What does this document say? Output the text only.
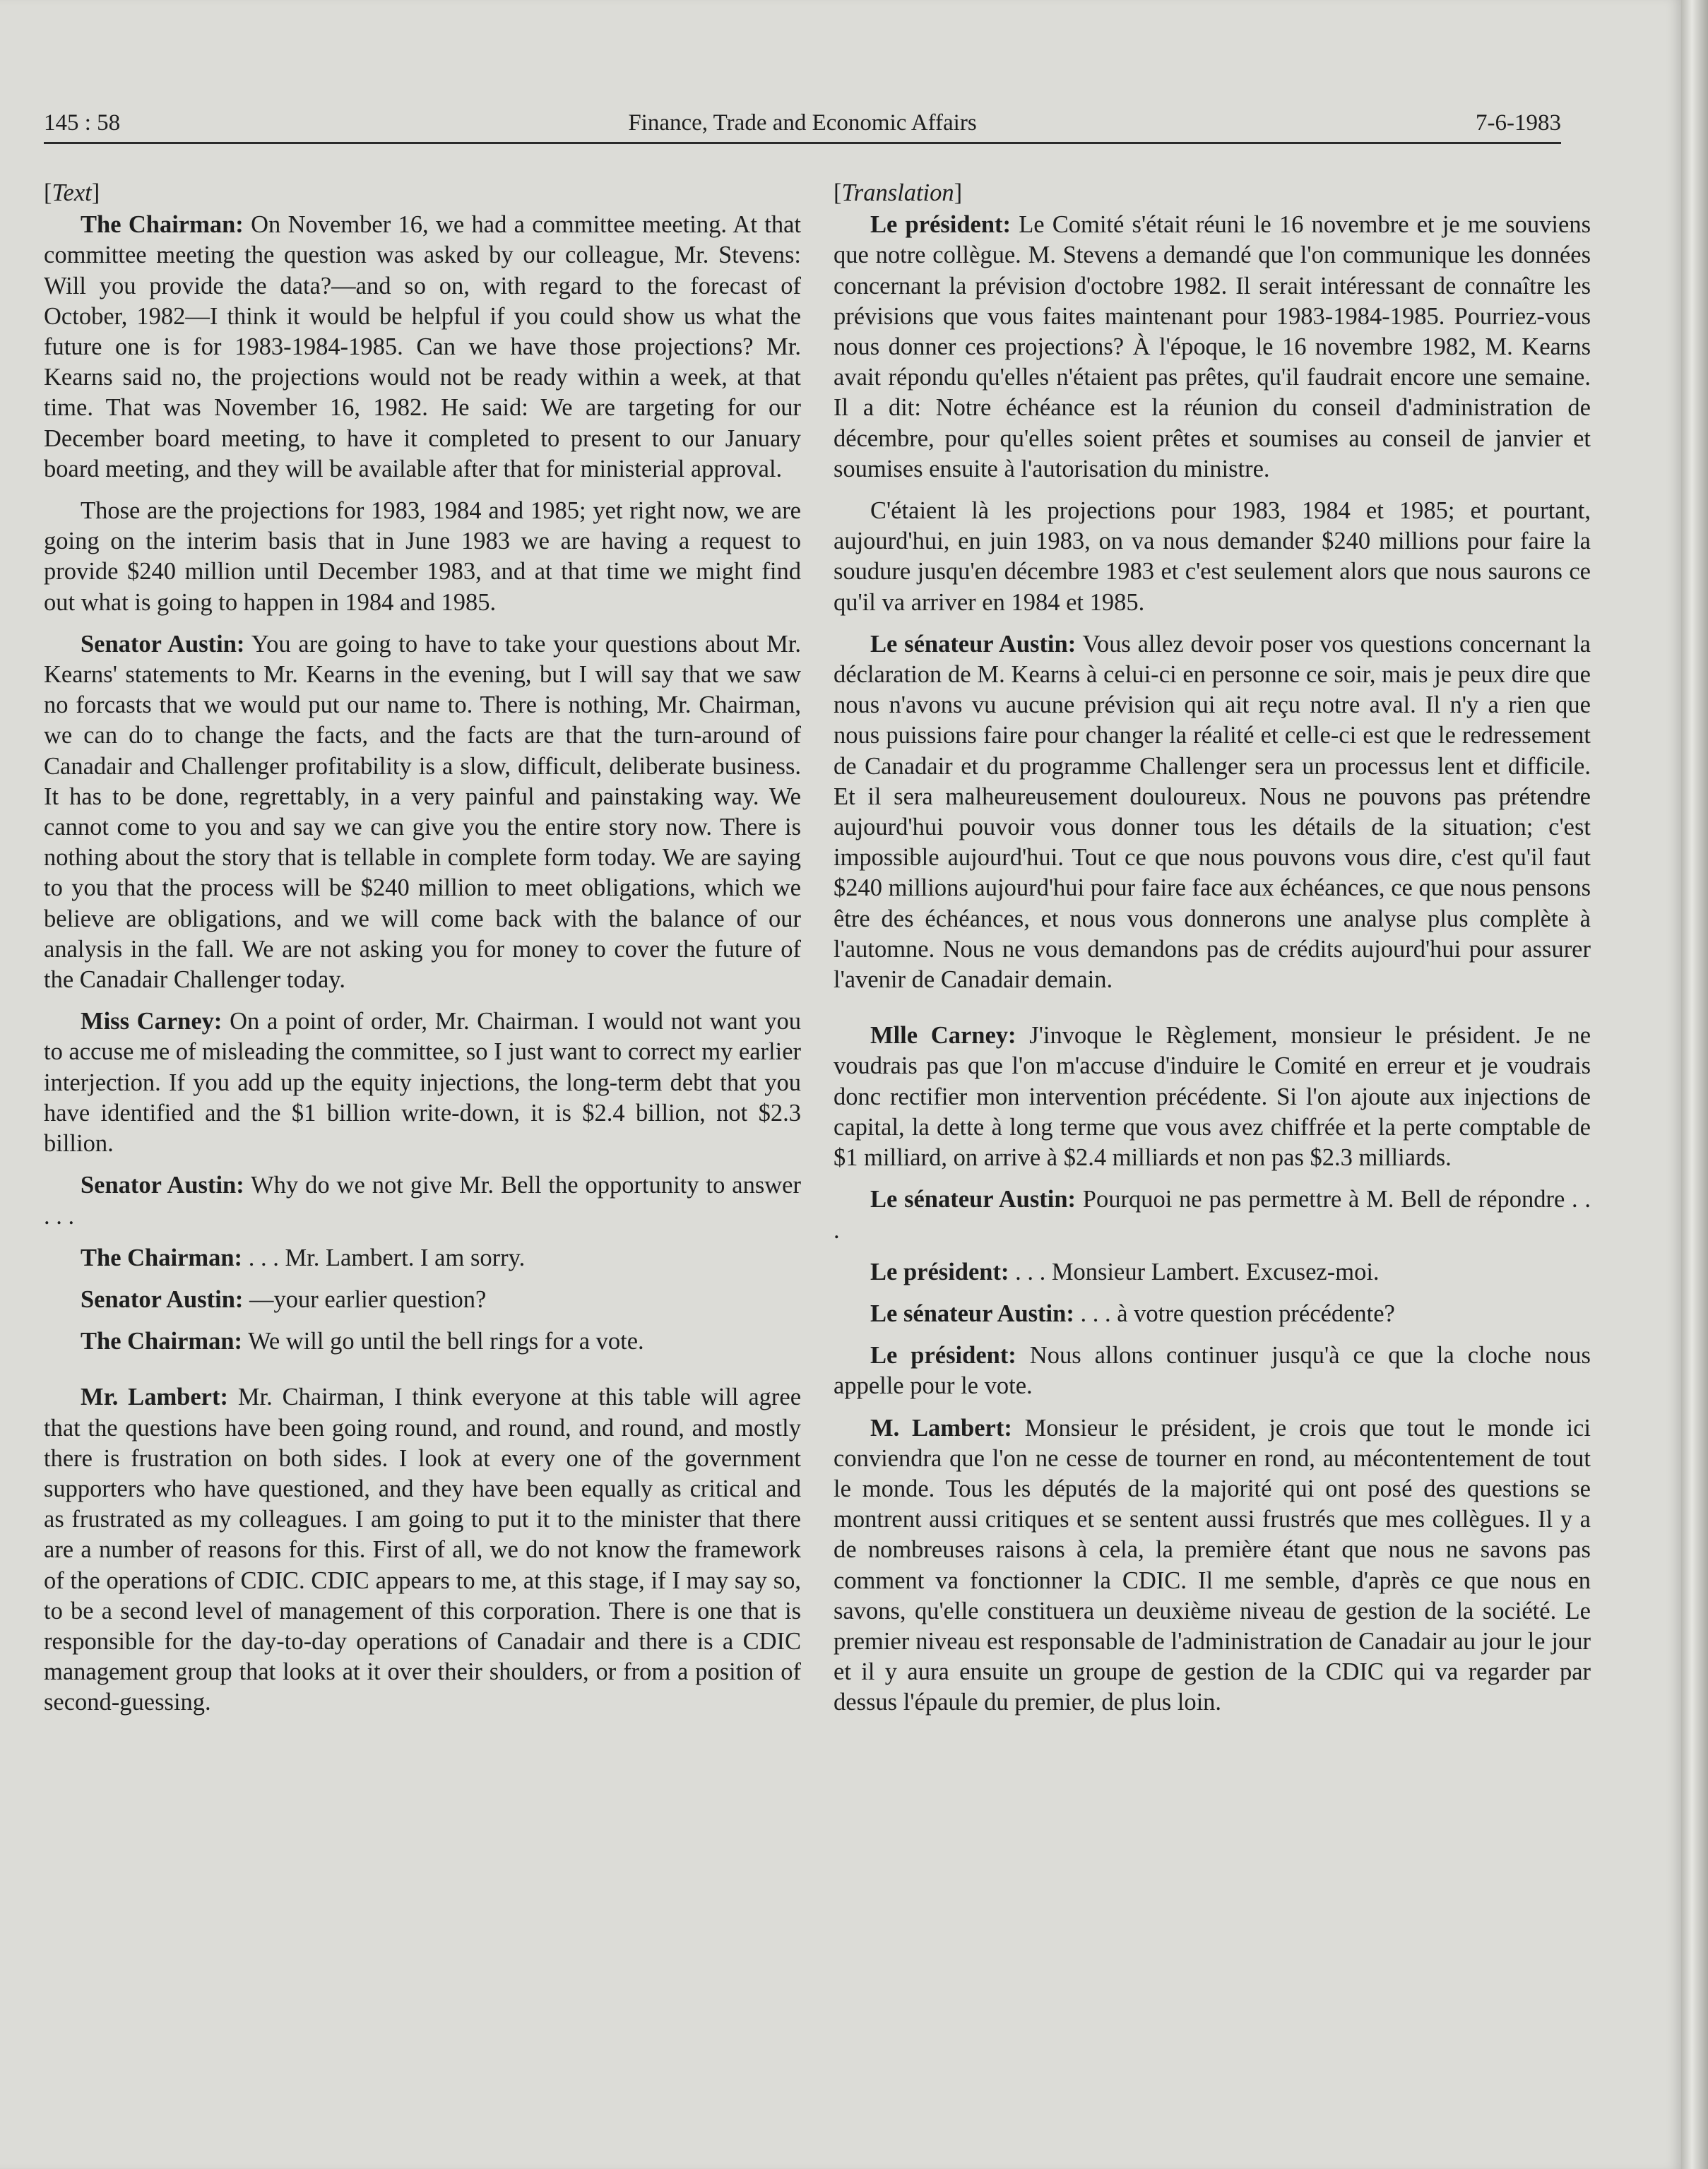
145 : 58	Finance, Trade and Economic Affairs	7-6-1983
[Text]

The Chairman: On November 16, we had a committee meeting. At that committee meeting the question was asked by our colleague, Mr. Stevens: Will you provide the data?—and so on, with regard to the forecast of October, 1982—I think it would be helpful if you could show us what the future one is for 1983-1984-1985. Can we have those projections? Mr. Kearns said no, the projections would not be ready within a week, at that time. That was November 16, 1982. He said: We are targeting for our December board meeting, to have it completed to present to our January board meeting, and they will be available after that for ministerial approval.

Those are the projections for 1983, 1984 and 1985; yet right now, we are going on the interim basis that in June 1983 we are having a request to provide $240 million until December 1983, and at that time we might find out what is going to happen in 1984 and 1985.

Senator Austin: You are going to have to take your questions about Mr. Kearns' statements to Mr. Kearns in the evening, but I will say that we saw no forcasts that we would put our name to. There is nothing, Mr. Chairman, we can do to change the facts, and the facts are that the turn-around of Canadair and Challenger profitability is a slow, difficult, deliberate business. It has to be done, regrettably, in a very painful and painstaking way. We cannot come to you and say we can give you the entire story now. There is nothing about the story that is tellable in complete form today. We are saying to you that the process will be $240 million to meet obligations, which we believe are obligations, and we will come back with the balance of our analysis in the fall. We are not asking you for money to cover the future of the Canadair Challenger today.

Miss Carney: On a point of order, Mr. Chairman. I would not want you to accuse me of misleading the committee, so I just want to correct my earlier interjection. If you add up the equity injections, the long-term debt that you have identified and the $1 billion write-down, it is $2.4 billion, not $2.3 billion.

Senator Austin: Why do we not give Mr. Bell the opportunity to answer . . .

The Chairman: . . . Mr. Lambert. I am sorry.

Senator Austin: —your earlier question?

The Chairman: We will go until the bell rings for a vote.

Mr. Lambert: Mr. Chairman, I think everyone at this table will agree that the questions have been going round, and round, and round, and mostly there is frustration on both sides. I look at every one of the government supporters who have questioned, and they have been equally as critical and as frustrated as my colleagues. I am going to put it to the minister that there are a number of reasons for this. First of all, we do not know the framework of the operations of CDIC. CDIC appears to me, at this stage, if I may say so, to be a second level of management of this corporation. There is one that is responsible for the day-to-day operations of Canadair and there is a CDIC management group that looks at it over their shoulders, or from a position of second-guessing.

[Translation]

Le président: Le Comité s'était réuni le 16 novembre et je me souviens que notre collègue. M. Stevens a demandé que l'on communique les données concernant la prévision d'octobre 1982. Il serait intéressant de connaître les prévisions que vous faites maintenant pour 1983-1984-1985. Pourriez-vous nous donner ces projections? À l'époque, le 16 novembre 1982, M. Kearns avait répondu qu'elles n'étaient pas prêtes, qu'il faudrait encore une semaine. Il a dit: Notre échéance est la réunion du conseil d'administration de décembre, pour qu'elles soient prêtes et soumises au conseil de janvier et soumises ensuite à l'autorisation du ministre.

C'étaient là les projections pour 1983, 1984 et 1985; et pourtant, aujourd'hui, en juin 1983, on va nous demander $240 millions pour faire la soudure jusqu'en décembre 1983 et c'est seulement alors que nous saurons ce qu'il va arriver en 1984 et 1985.

Le sénateur Austin: Vous allez devoir poser vos questions concernant la déclaration de M. Kearns à celui-ci en personne ce soir, mais je peux dire que nous n'avons vu aucune prévision qui ait reçu notre aval. Il n'y a rien que nous puissions faire pour changer la réalité et celle-ci est que le redressement de Canadair et du programme Challenger sera un processus lent et difficile. Et il sera malheureusement douloureux. Nous ne pouvons pas prétendre aujourd'hui pouvoir vous donner tous les détails de la situation; c'est impossible aujourd'hui. Tout ce que nous pouvons vous dire, c'est qu'il faut $240 millions aujourd'hui pour faire face aux échéances, ce que nous pensons être des échéances, et nous vous donnerons une analyse plus complète à l'automne. Nous ne vous demandons pas de crédits aujourd'hui pour assurer l'avenir de Canadair demain.

Mlle Carney: J'invoque le Règlement, monsieur le président. Je ne voudrais pas que l'on m'accuse d'induire le Comité en erreur et je voudrais donc rectifier mon intervention précédente. Si l'on ajoute aux injections de capital, la dette à long terme que vous avez chiffrée et la perte comptable de $1 milliard, on arrive à $2.4 milliards et non pas $2.3 milliards.

Le sénateur Austin: Pourquoi ne pas permettre à M. Bell de répondre . . .

Le président: . . . Monsieur Lambert. Excusez-moi.

Le sénateur Austin: . . . à votre question précédente?

Le président: Nous allons continuer jusqu'à ce que la cloche nous appelle pour le vote.

M. Lambert: Monsieur le président, je crois que tout le monde ici conviendra que l'on ne cesse de tourner en rond, au mécontentement de tout le monde. Tous les députés de la majorité qui ont posé des questions se montrent aussi critiques et se sentent aussi frustrés que mes collègues. Il y a de nombreuses raisons à cela, la première étant que nous ne savons pas comment va fonctionner la CDIC. Il me semble, d'après ce que nous en savons, qu'elle constituera un deuxième niveau de gestion de la société. Le premier niveau est responsable de l'administration de Canadair au jour le jour et il y aura ensuite un groupe de gestion de la CDIC qui va regarder par dessus l'épaule du premier, de plus loin.
